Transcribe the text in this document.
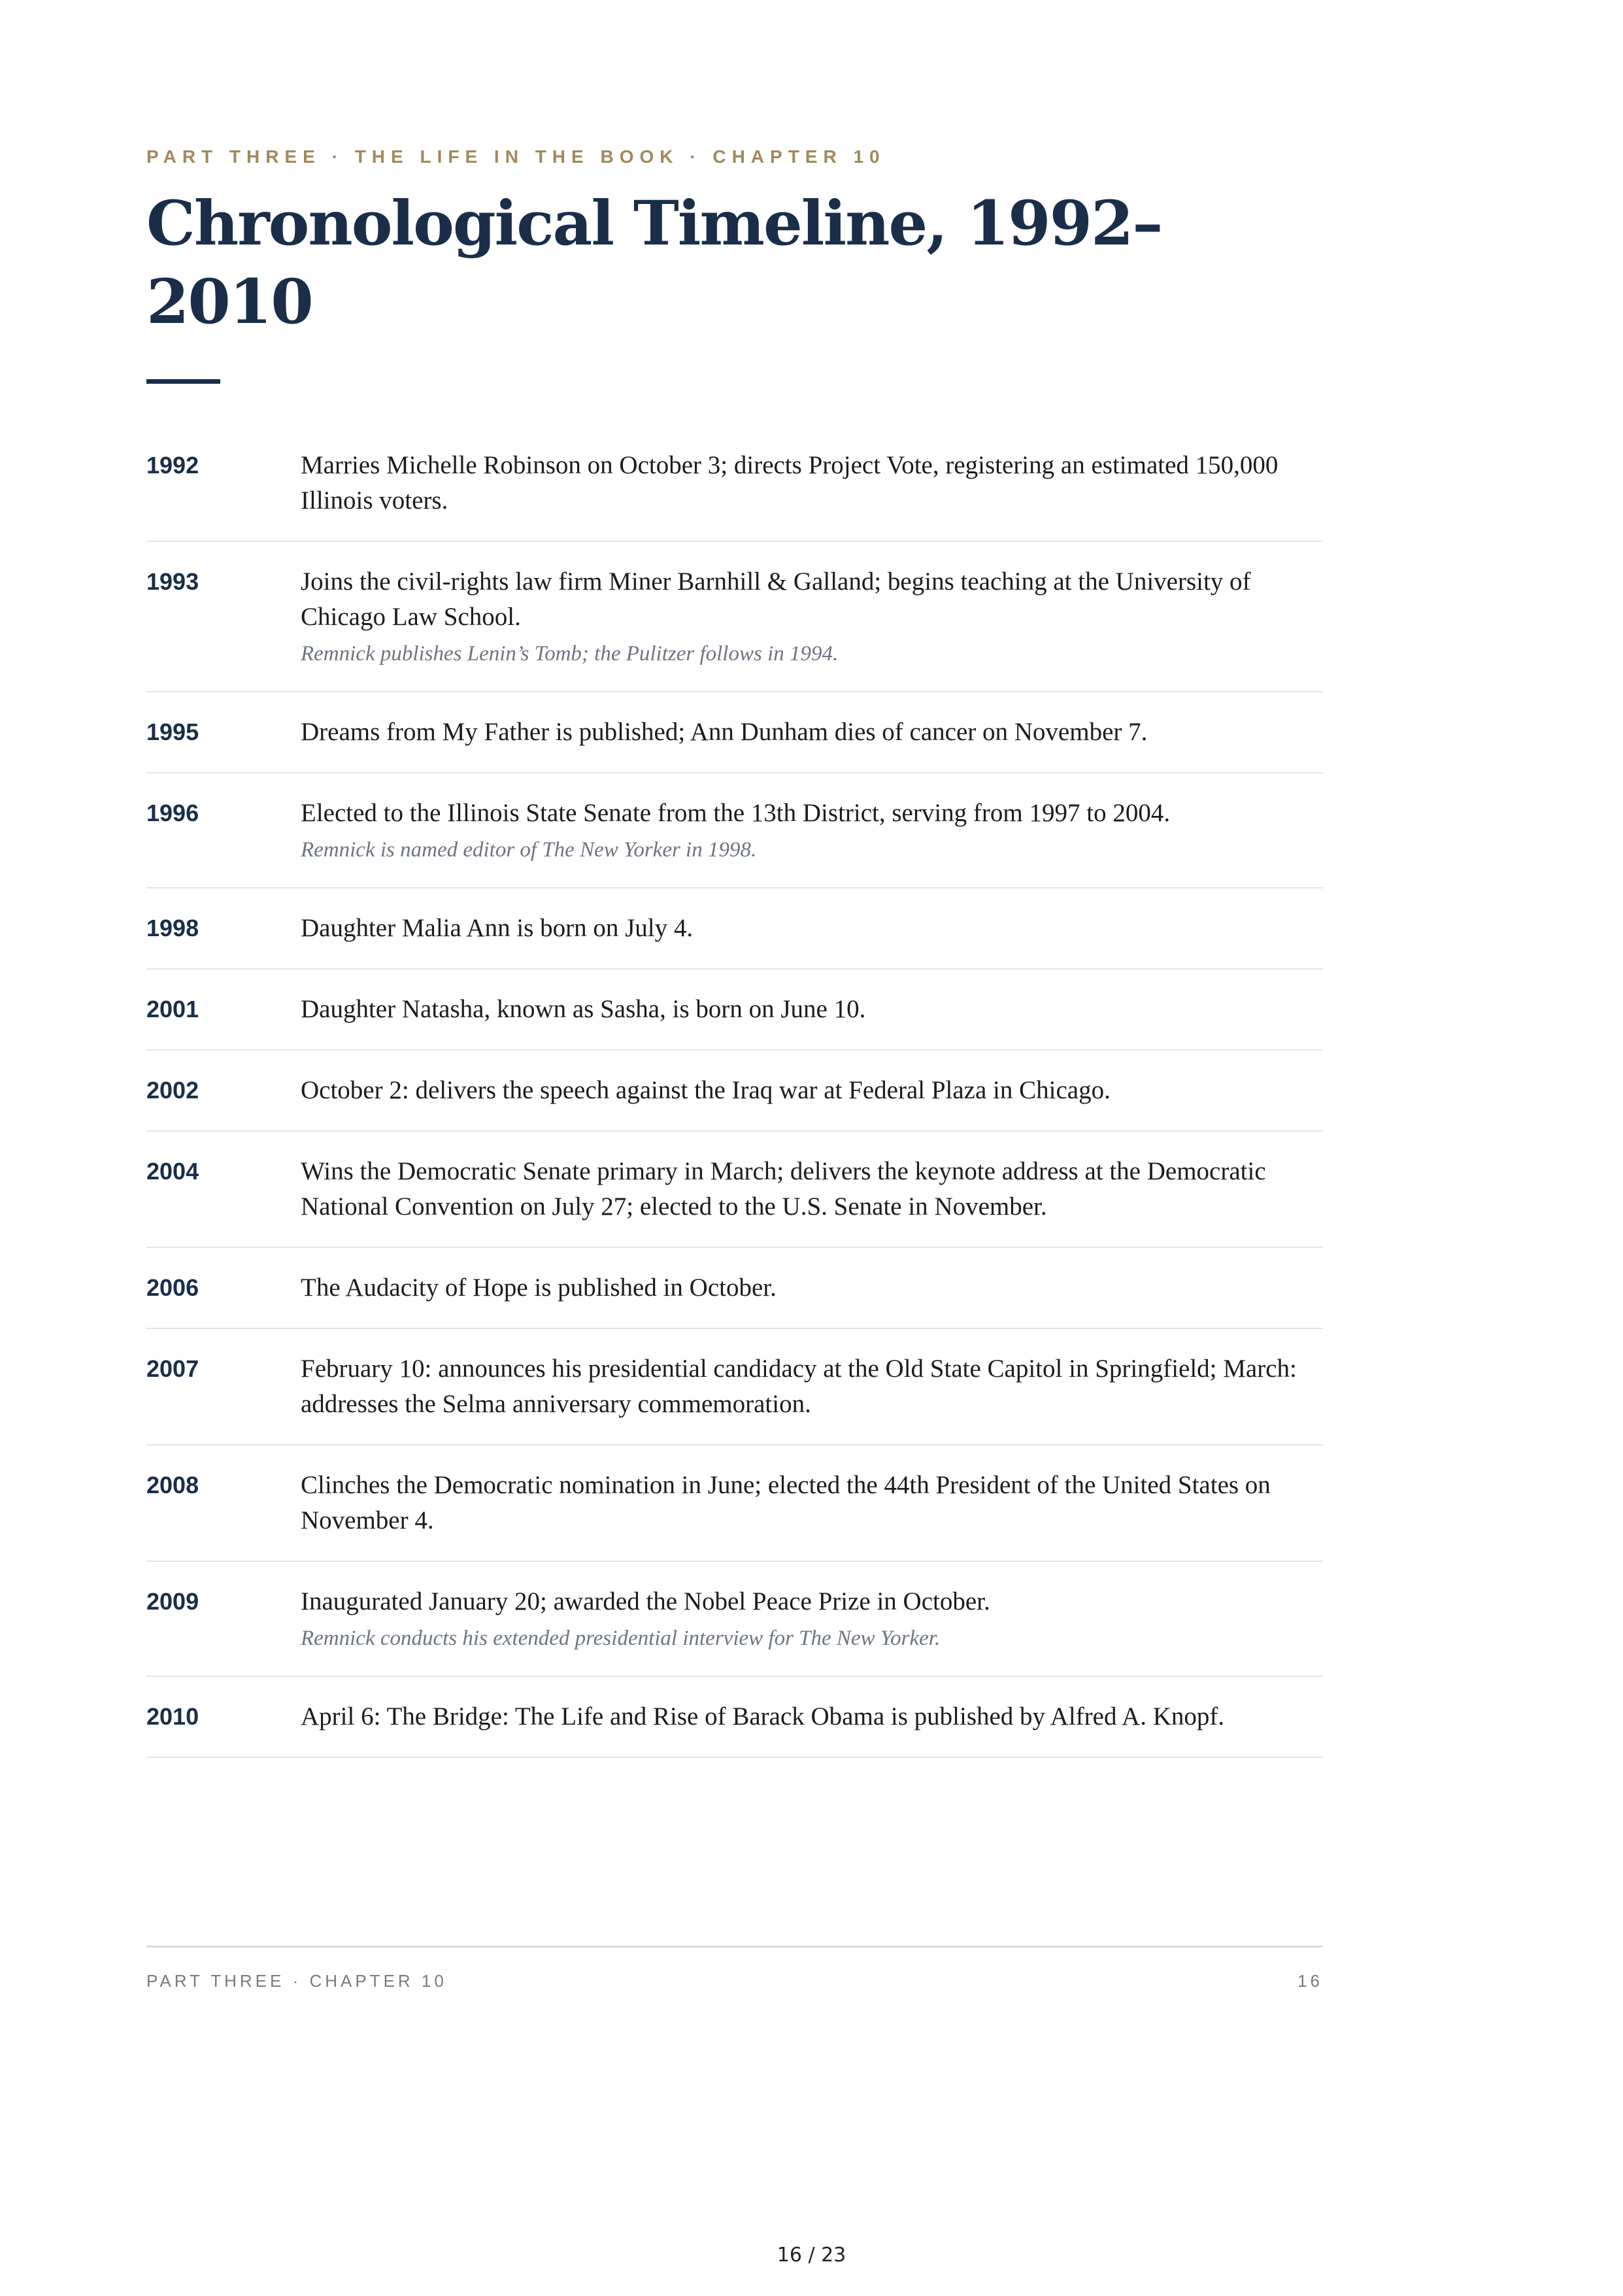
PART THREE · THE LIFE IN THE BOOK · CHAPTER 10

Chronological Timeline, 1992–2010
1992	Marries Michelle Robinson on October 3; directs Project Vote, registering an estimated 150,000 Illinois voters.

1993	Joins the civil-rights law firm Miner Barnhill & Galland; begins teaching at the University of Chicago Law School.

Remnick publishes Lenin’s Tomb; the Pulitzer follows in 1994.

1995	Dreams from My Father is published; Ann Dunham dies of cancer on November 7.

1996	Elected to the Illinois State Senate from the 13th District, serving from 1997 to 2004.

Remnick is named editor of The New Yorker in 1998.

1998	Daughter Malia Ann is born on July 4.

2001	Daughter Natasha, known as Sasha, is born on June 10.

2002	October 2: delivers the speech against the Iraq war at Federal Plaza in Chicago.

2004	Wins the Democratic Senate primary in March; delivers the keynote address at the Democratic National Convention on July 27; elected to the U.S. Senate in November.

2006	The Audacity of Hope is published in October.

2007	February 10: announces his presidential candidacy at the Old State Capitol in Springfield; March: addresses the Selma anniversary commemoration.

2008	Clinches the Democratic nomination in June; elected the 44th President of the United States on November 4.

2009	Inaugurated January 20; awarded the Nobel Peace Prize in October.

Remnick conducts his extended presidential interview for The New Yorker.

2010	April 6: The Bridge: The Life and Rise of Barack Obama is published by Alfred A. Knopf.

PART THREE · CHAPTER 10	16
16 / 23
